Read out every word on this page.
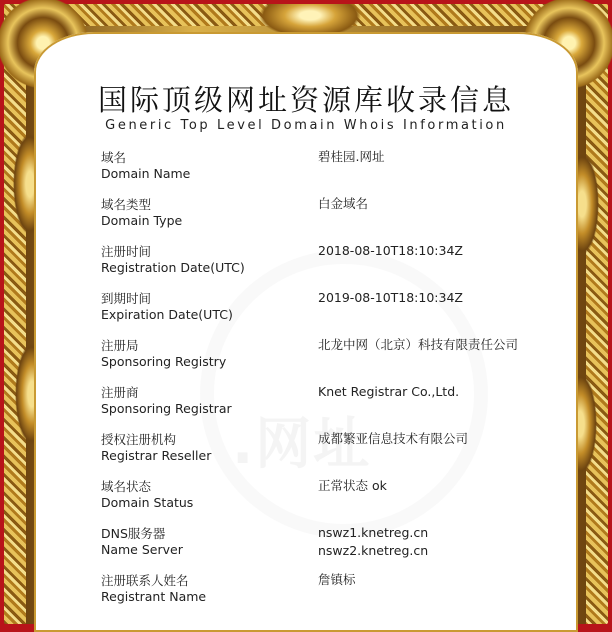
国际顶级网址资源库收录信息
Generic Top Level Domain Whois Information
域名
Domain Name
碧桂园.网址
域名类型
Domain Type
白金域名
注册时间
Registration Date(UTC)
2018-08-10T18:10:34Z
到期时间
Expiration Date(UTC)
2019-08-10T18:10:34Z
注册局
Sponsoring Registry
北龙中网（北京）科技有限责任公司
注册商
Sponsoring Registrar
Knet Registrar Co.,Ltd.
授权注册机构
Registrar Reseller
成都繁亚信息技术有限公司
域名状态
Domain Status
正常状态 ok
DNS服务器
Name Server
nswz1.knetreg.cn
nswz2.knetreg.cn
注册联系人姓名
Registrant Name
詹镇标
